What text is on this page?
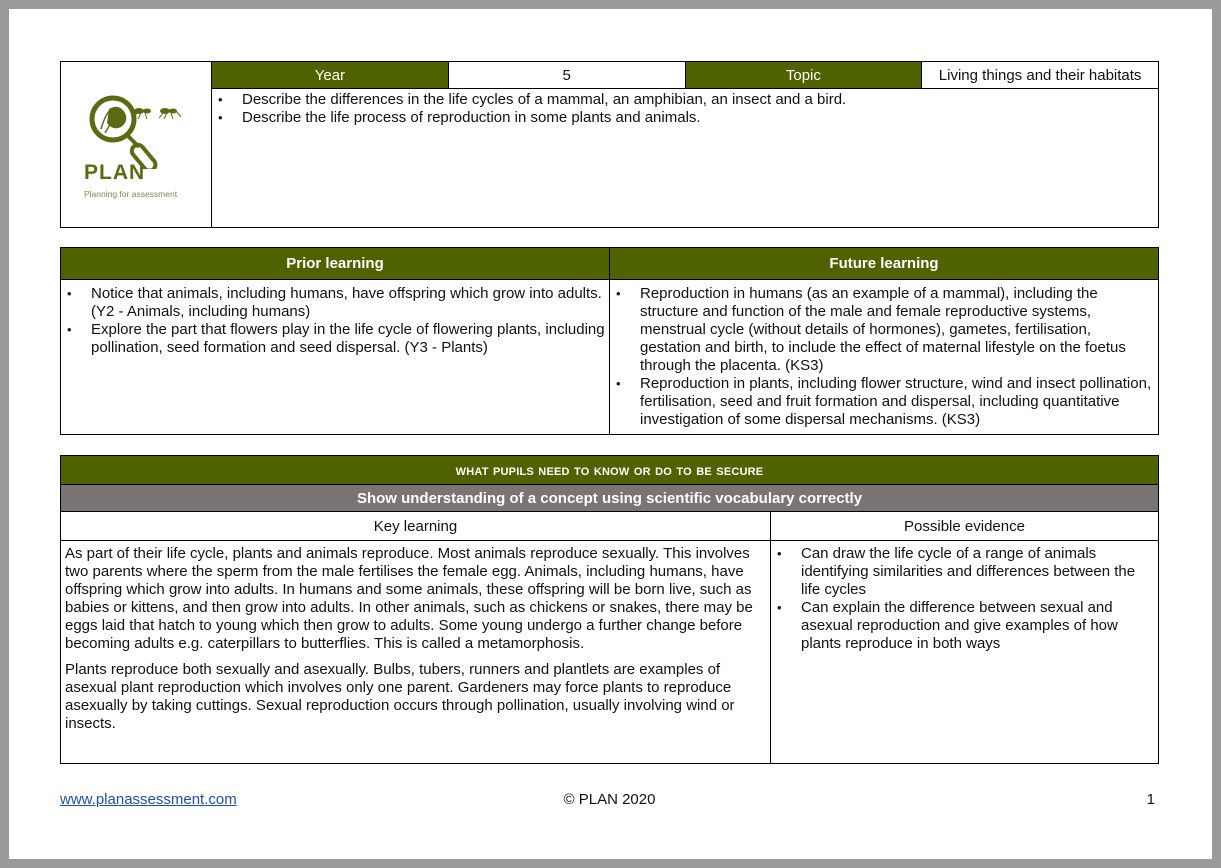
PLAN
Planning for assessment
	Year	5	Topic	Living things and their habitats

• Describe the differences in the life cycles of a mammal, an amphibian, an insect and a bird.
• Describe the life process of reproduction in some plants and animals.
Prior learning	Future learning

• Notice that animals, including humans, have offspring which grow into adults. (Y2 - Animals, including humans)
• Explore the part that flowers play in the life cycle of flowering plants, including pollination, seed formation and seed dispersal. (Y3 - Plants)

• Reproduction in humans (as an example of a mammal), including the structure and function of the male and female reproductive systems, menstrual cycle (without details of hormones), gametes, fertilisation, gestation and birth, to include the effect of maternal lifestyle on the foetus through the placenta. (KS3)
• Reproduction in plants, including flower structure, wind and insect pollination, fertilisation, seed and fruit formation and dispersal, including quantitative investigation of some dispersal mechanisms. (KS3)
what pupils need to know or do to be secure	
Show understanding of a concept using scientific vocabulary correctly	
Key learning	Possible evidence

As part of their life cycle, plants and animals reproduce. Most animals reproduce sexually. This involves two parents where the sperm from the male fertilises the female egg. Animals, including humans, have offspring which grow into adults. In humans and some animals, these offspring will be born live, such as babies or kittens, and then grow into adults. In other animals, such as chickens or snakes, there may be eggs laid that hatch to young which then grow to adults. Some young undergo a further change before becoming adults e.g. caterpillars to butterflies. This is called a metamorphosis.

Plants reproduce both sexually and asexually. Bulbs, tubers, runners and plantlets are examples of asexual plant reproduction which involves only one parent. Gardeners may force plants to reproduce asexually by taking cuttings. Sexual reproduction occurs through pollination, usually involving wind or insects.

• Can draw the life cycle of a range of animals identifying similarities and differences between the life cycles
• Can explain the difference between sexual and asexual reproduction and give examples of how plants reproduce in both ways
www.planassessment.com	© PLAN 2020	1
